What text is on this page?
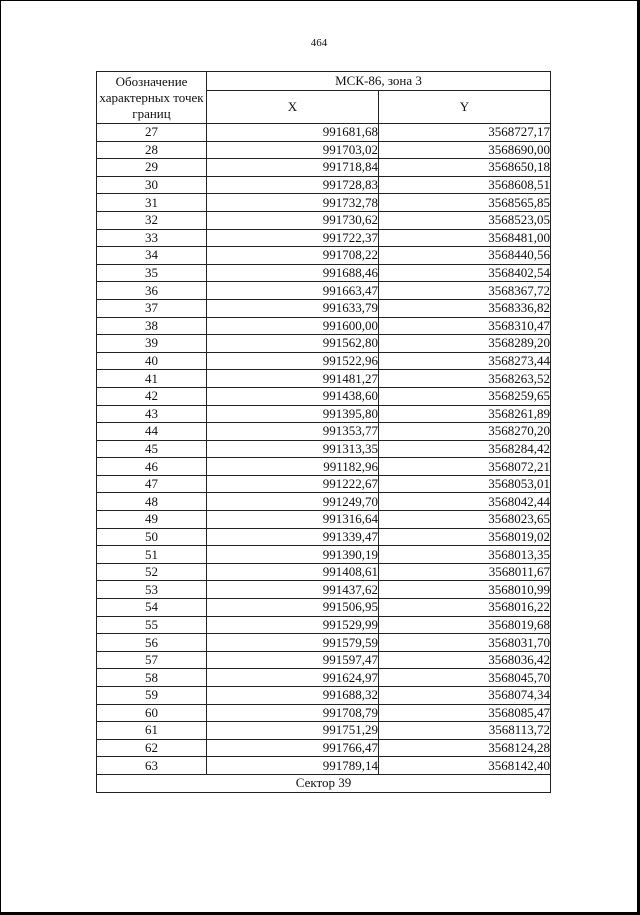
464
Обозначение характерных точек границ	МСК-86, зона 3	
	X	Y
27	991681,68	3568727,17
28	991703,02	3568690,00
29	991718,84	3568650,18
30	991728,83	3568608,51
31	991732,78	3568565,85
32	991730,62	3568523,05
33	991722,37	3568481,00
34	991708,22	3568440,56
35	991688,46	3568402,54
36	991663,47	3568367,72
37	991633,79	3568336,82
38	991600,00	3568310,47
39	991562,80	3568289,20
40	991522,96	3568273,44
41	991481,27	3568263,52
42	991438,60	3568259,65
43	991395,80	3568261,89
44	991353,77	3568270,20
45	991313,35	3568284,42
46	991182,96	3568072,21
47	991222,67	3568053,01
48	991249,70	3568042,44
49	991316,64	3568023,65
50	991339,47	3568019,02
51	991390,19	3568013,35
52	991408,61	3568011,67
53	991437,62	3568010,99
54	991506,95	3568016,22
55	991529,99	3568019,68
56	991579,59	3568031,70
57	991597,47	3568036,42
58	991624,97	3568045,70
59	991688,32	3568074,34
60	991708,79	3568085,47
61	991751,29	3568113,72
62	991766,47	3568124,28
63	991789,14	3568142,40
Сектор 39		
